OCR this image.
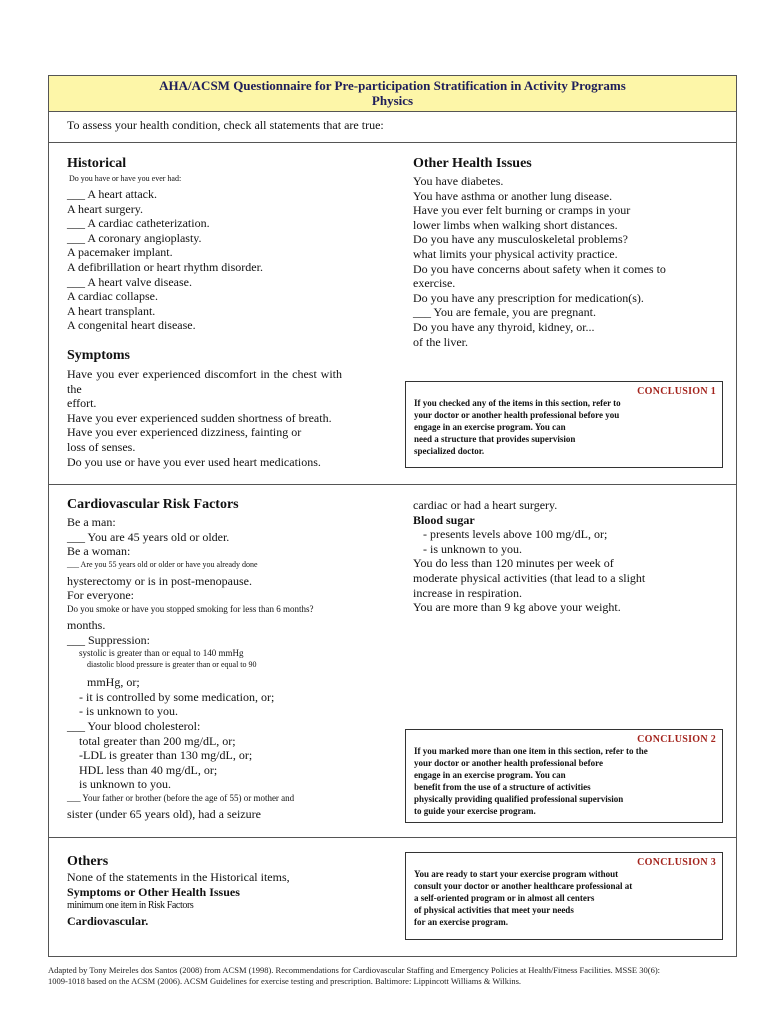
AHA/ACSM Questionnaire for Pre-participation Stratification in Activity Programs
Physics
To assess your health condition, check all statements that are true:
Historical
Do you have or have you ever had:
___ A heart attack.
A heart surgery.
___ A cardiac catheterization.
___ A coronary angioplasty.
A pacemaker implant.
A defibrillation or heart rhythm disorder.
___ A heart valve disease.
A cardiac collapse.
A heart transplant.
A congenital heart disease.
Symptoms
Have you ever experienced discomfort in the chest with the
effort.
Have you ever experienced sudden shortness of breath.
Have you ever experienced dizziness, fainting or
loss of senses.
Do you use or have you ever used heart medications.
Other Health Issues
You have diabetes.
You have asthma or another lung disease.
Have you ever felt burning or cramps in your
lower limbs when walking short distances.
Do you have any musculoskeletal problems?
what limits your physical activity practice.
Do you have concerns about safety when it comes to
exercise.
Do you have any prescription for medication(s).
___ You are female, you are pregnant.
Do you have any thyroid, kidney, or...
of the liver.
CONCLUSION 1
If you checked any of the items in this section, refer to
your doctor or another health professional before you
engage in an exercise program. You can
need a structure that provides supervision
specialized doctor.
Cardiovascular Risk Factors
Be a man:
___ You are 45 years old or older.
Be a woman:
___ Are you 55 years old or older or have you already done
hysterectomy or is in post-menopause.
For everyone:
Do you smoke or have you stopped smoking for less than 6 months?
months.
___ Suppression:
systolic is greater than or equal to 140 mmHg
diastolic blood pressure is greater than or equal to 90
mmHg, or;
- it is controlled by some medication, or;
- is unknown to you.
___ Your blood cholesterol:
total greater than 200 mg/dL, or;
-LDL is greater than 130 mg/dL, or;
HDL less than 40 mg/dL, or;
is unknown to you.
___ Your father or brother (before the age of 55) or mother and
sister (under 65 years old), had a seizure
cardiac or had a heart surgery.
Blood sugar
- presents levels above 100 mg/dL, or;
- is unknown to you.
You do less than 120 minutes per week of
moderate physical activities (that lead to a slight
increase in respiration.
You are more than 9 kg above your weight.
CONCLUSION 2
If you marked more than one item in this section, refer to the
your doctor or another health professional before
engage in an exercise program. You can
benefit from the use of a structure of activities
physically providing qualified professional supervision
to guide your exercise program.
Others
None of the statements in the Historical items,
Symptoms or Other Health Issues
minimum one item in Risk Factors
Cardiovascular.
CONCLUSION 3
You are ready to start your exercise program without
consult your doctor or another healthcare professional at
a self-oriented program or in almost all centers
of physical activities that meet your needs
for an exercise program.
Adapted by Tony Meireles dos Santos (2008) from ACSM (1998). Recommendations for Cardiovascular Staffing and Emergency Policies at Health/Fitness Facilities. MSSE 30(6):
1009-1018 based on the ACSM (2006). ACSM Guidelines for exercise testing and prescription. Baltimore: Lippincott Williams & Wilkins.
